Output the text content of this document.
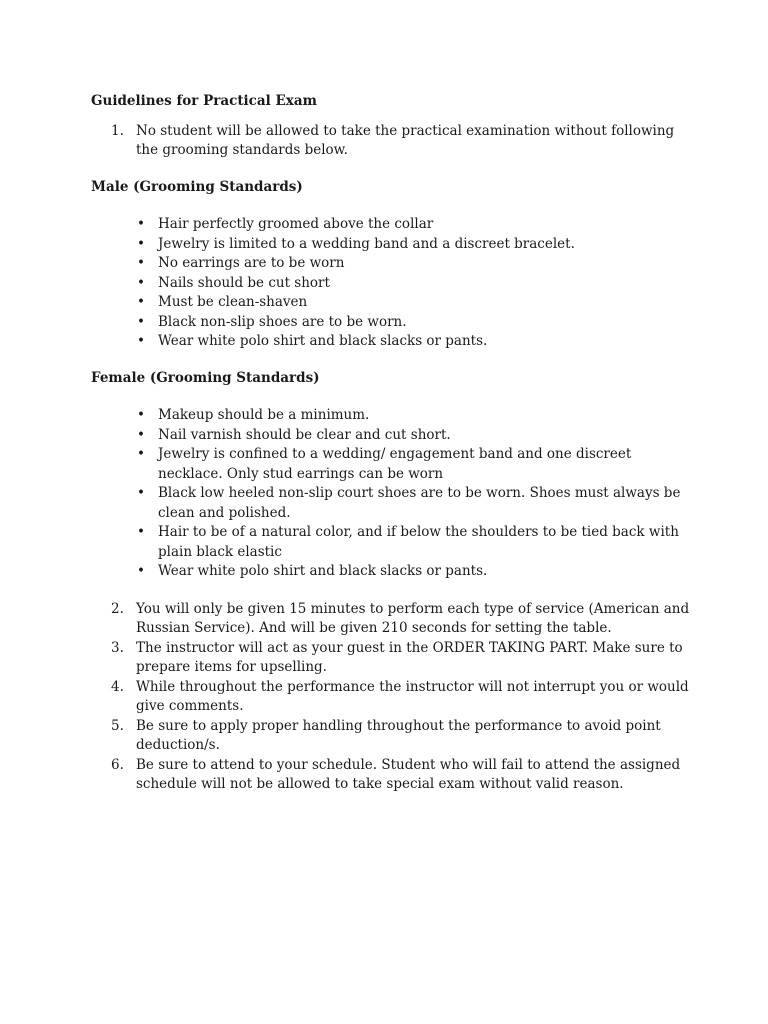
Guidelines for Practical Exam
1. No student will be allowed to take the practical examination without following the grooming standards below.
Male (Grooming Standards)
• Hair perfectly groomed above the collar
• Jewelry is limited to a wedding band and a discreet bracelet.
• No earrings are to be worn
• Nails should be cut short
• Must be clean-shaven
• Black non-slip shoes are to be worn.
• Wear white polo shirt and black slacks or pants.
Female (Grooming Standards)
• Makeup should be a minimum.
• Nail varnish should be clear and cut short.
• Jewelry is confined to a wedding/ engagement band and one discreet necklace. Only stud earrings can be worn
• Black low heeled non-slip court shoes are to be worn. Shoes must always be clean and polished.
• Hair to be of a natural color, and if below the shoulders to be tied back with plain black elastic
• Wear white polo shirt and black slacks or pants.
2. You will only be given 15 minutes to perform each type of service (American and Russian Service). And will be given 210 seconds for setting the table.
3. The instructor will act as your guest in the ORDER TAKING PART. Make sure to prepare items for upselling.
4. While throughout the performance the instructor will not interrupt you or would give comments.
5. Be sure to apply proper handling throughout the performance to avoid point deduction/s.
6. Be sure to attend to your schedule. Student who will fail to attend the assigned schedule will not be allowed to take special exam without valid reason.
